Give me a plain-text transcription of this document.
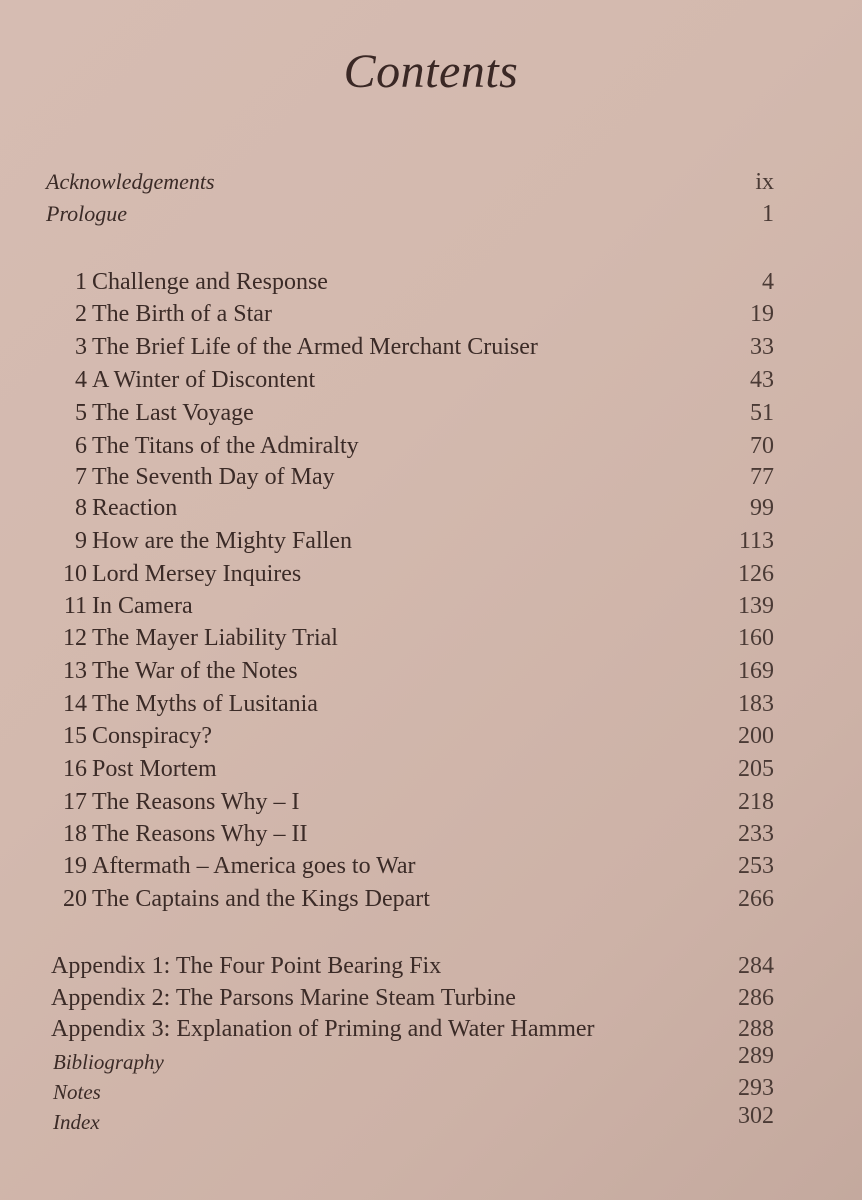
Contents
Acknowledgements	ix
Prologue	1
1 Challenge and Response	4
2 The Birth of a Star	19
3 The Brief Life of the Armed Merchant Cruiser	33
4 A Winter of Discontent	43
5 The Last Voyage	51
6 The Titans of the Admiralty	70
7 The Seventh Day of May	77
8 Reaction	99
9 How are the Mighty Fallen	113
10 Lord Mersey Inquires	126
11 In Camera	139
12 The Mayer Liability Trial	160
13 The War of the Notes	169
14 The Myths of Lusitania	183
15 Conspiracy?	200
16 Post Mortem	205
17 The Reasons Why – I	218
18 The Reasons Why – II	233
19 Aftermath – America goes to War	253
20 The Captains and the Kings Depart	266
Appendix 1: The Four Point Bearing Fix	284
Appendix 2: The Parsons Marine Steam Turbine	286
Appendix 3: Explanation of Priming and Water Hammer	288
Bibliography	289
Notes	293
Index	302
